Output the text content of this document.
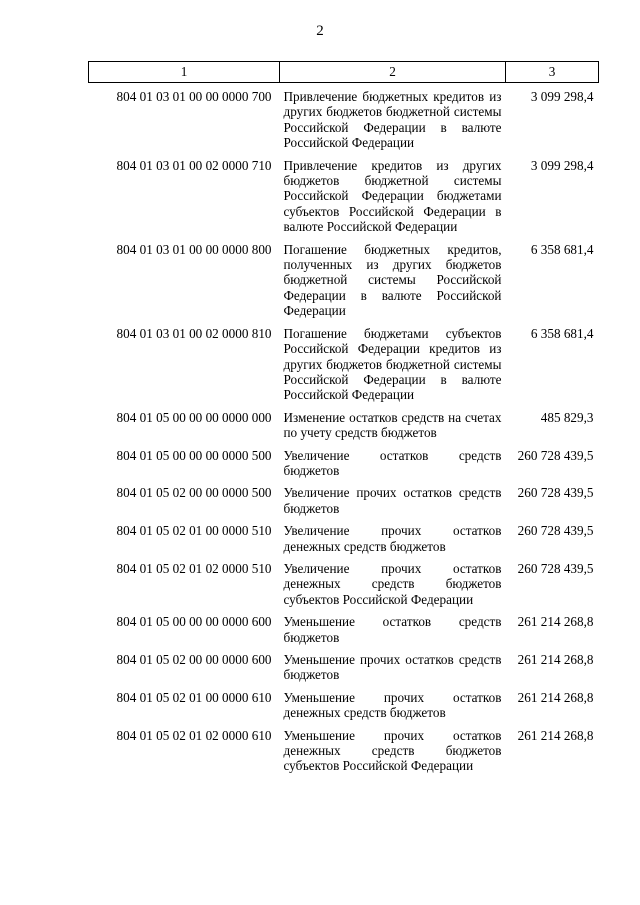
2
1	2	3
804 01 03 01 00 00 0000 700	Привлечение бюджетных кредитов из других бюджетов бюджетной системы Российской Федерации в валюте Российской Федерации	3 099 298,4
804 01 03 01 00 02 0000 710	Привлечение кредитов из других бюджетов бюджетной системы Российской Федерации бюджетами субъектов Российской Федерации в валюте Российской Федерации	3 099 298,4
804 01 03 01 00 00 0000 800	Погашение бюджетных кредитов, полученных из других бюджетов бюджетной системы Российской Федерации в валюте Российской Федерации	6 358 681,4
804 01 03 01 00 02 0000 810	Погашение бюджетами субъектов Российской Федерации кредитов из других бюджетов бюджетной системы Российской Федерации в валюте Российской Федерации	6 358 681,4
804 01 05 00 00 00 0000 000	Изменение остатков средств на счетах по учету средств бюджетов	485 829,3
804 01 05 00 00 00 0000 500	Увеличение остатков средств бюджетов	260 728 439,5
804 01 05 02 00 00 0000 500	Увеличение прочих остатков средств бюджетов	260 728 439,5
804 01 05 02 01 00 0000 510	Увеличение прочих остатков денежных средств бюджетов	260 728 439,5
804 01 05 02 01 02 0000 510	Увеличение прочих остатков денежных средств бюджетов субъектов Российской Федерации	260 728 439,5
804 01 05 00 00 00 0000 600	Уменьшение остатков средств бюджетов	261 214 268,8
804 01 05 02 00 00 0000 600	Уменьшение прочих остатков средств бюджетов	261 214 268,8
804 01 05 02 01 00 0000 610	Уменьшение прочих остатков денежных средств бюджетов	261 214 268,8
804 01 05 02 01 02 0000 610	Уменьшение прочих остатков денежных средств бюджетов субъектов Российской Федерации	261 214 268,8
